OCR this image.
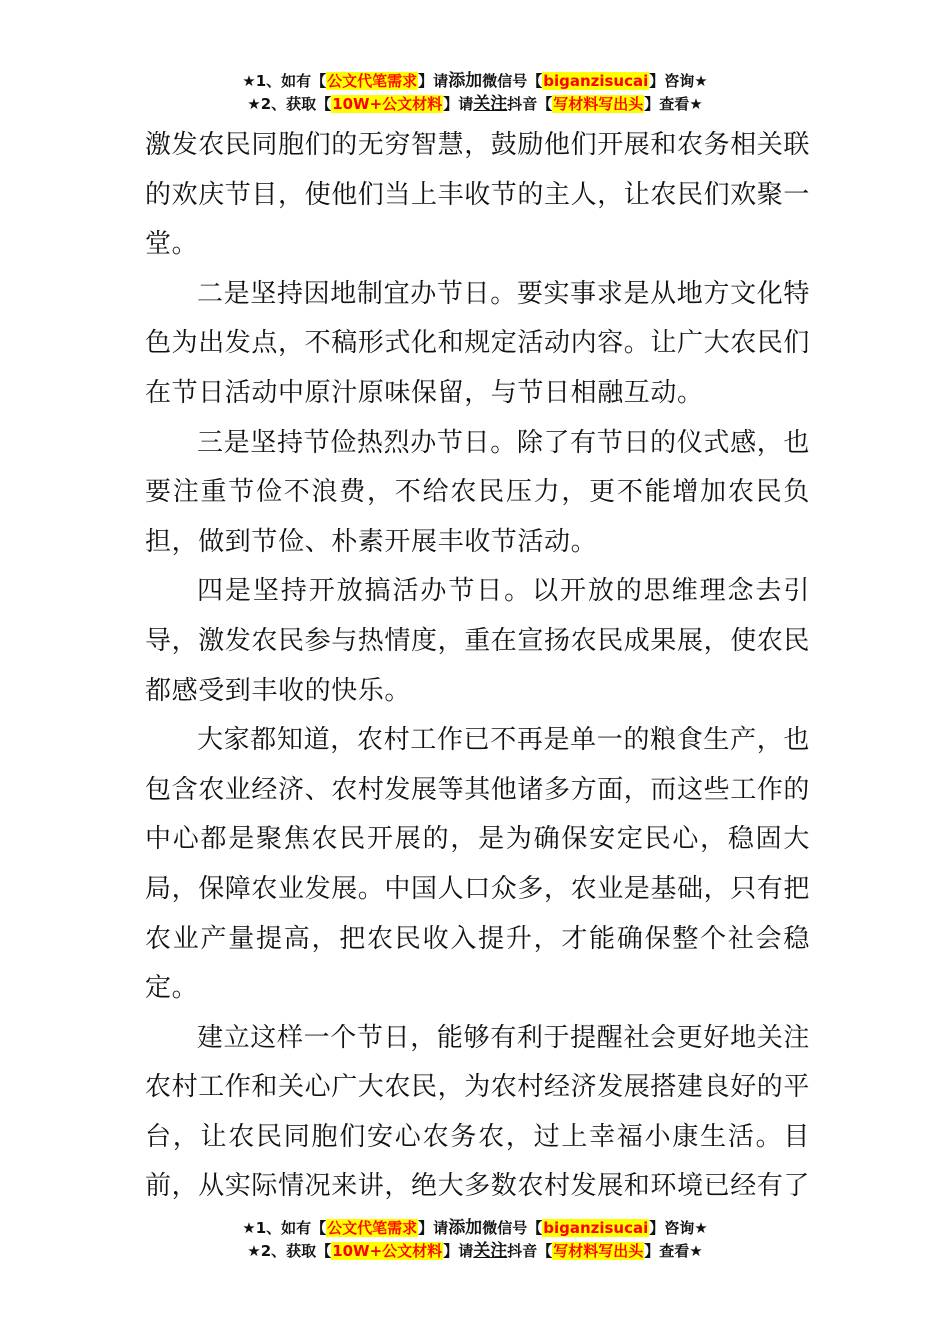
★1、如有【公文代笔需求】请添加微信号【biganzisucai】咨询★
★2、获取【10W+公文材料】请关注抖音【写材料写出头】查看★

激发农民同胞们的无穷智慧，鼓励他们开展和农务相关联的欢庆节目，使他们当上丰收节的主人，让农民们欢聚一堂。

二是坚持因地制宜办节日。要实事求是从地方文化特色为出发点，不稿形式化和规定活动内容。让广大农民们在节日活动中原汁原味保留，与节日相融互动。

三是坚持节俭热烈办节日。除了有节日的仪式感，也要注重节俭不浪费，不给农民压力，更不能增加农民负担，做到节俭、朴素开展丰收节活动。

四是坚持开放搞活办节日。以开放的思维理念去引导，激发农民参与热情度，重在宣扬农民成果展，使农民都感受到丰收的快乐。

大家都知道，农村工作已不再是单一的粮食生产，也包含农业经济、农村发展等其他诸多方面，而这些工作的中心都是聚焦农民开展的，是为确保安定民心，稳固大局，保障农业发展。中国人口众多，农业是基础，只有把农业产量提高，把农民收入提升，才能确保整个社会稳定。

建立这样一个节日，能够有利于提醒社会更好地关注农村工作和关心广大农民，为农村经济发展搭建良好的平台，让农民同胞们安心农务农，过上幸福小康生活。目前，从实际情况来讲，绝大多数农村发展和环境已经有了

★1、如有【公文代笔需求】请添加微信号【biganzisucai】咨询★
★2、获取【10W+公文材料】请关注抖音【写材料写出头】查看★
